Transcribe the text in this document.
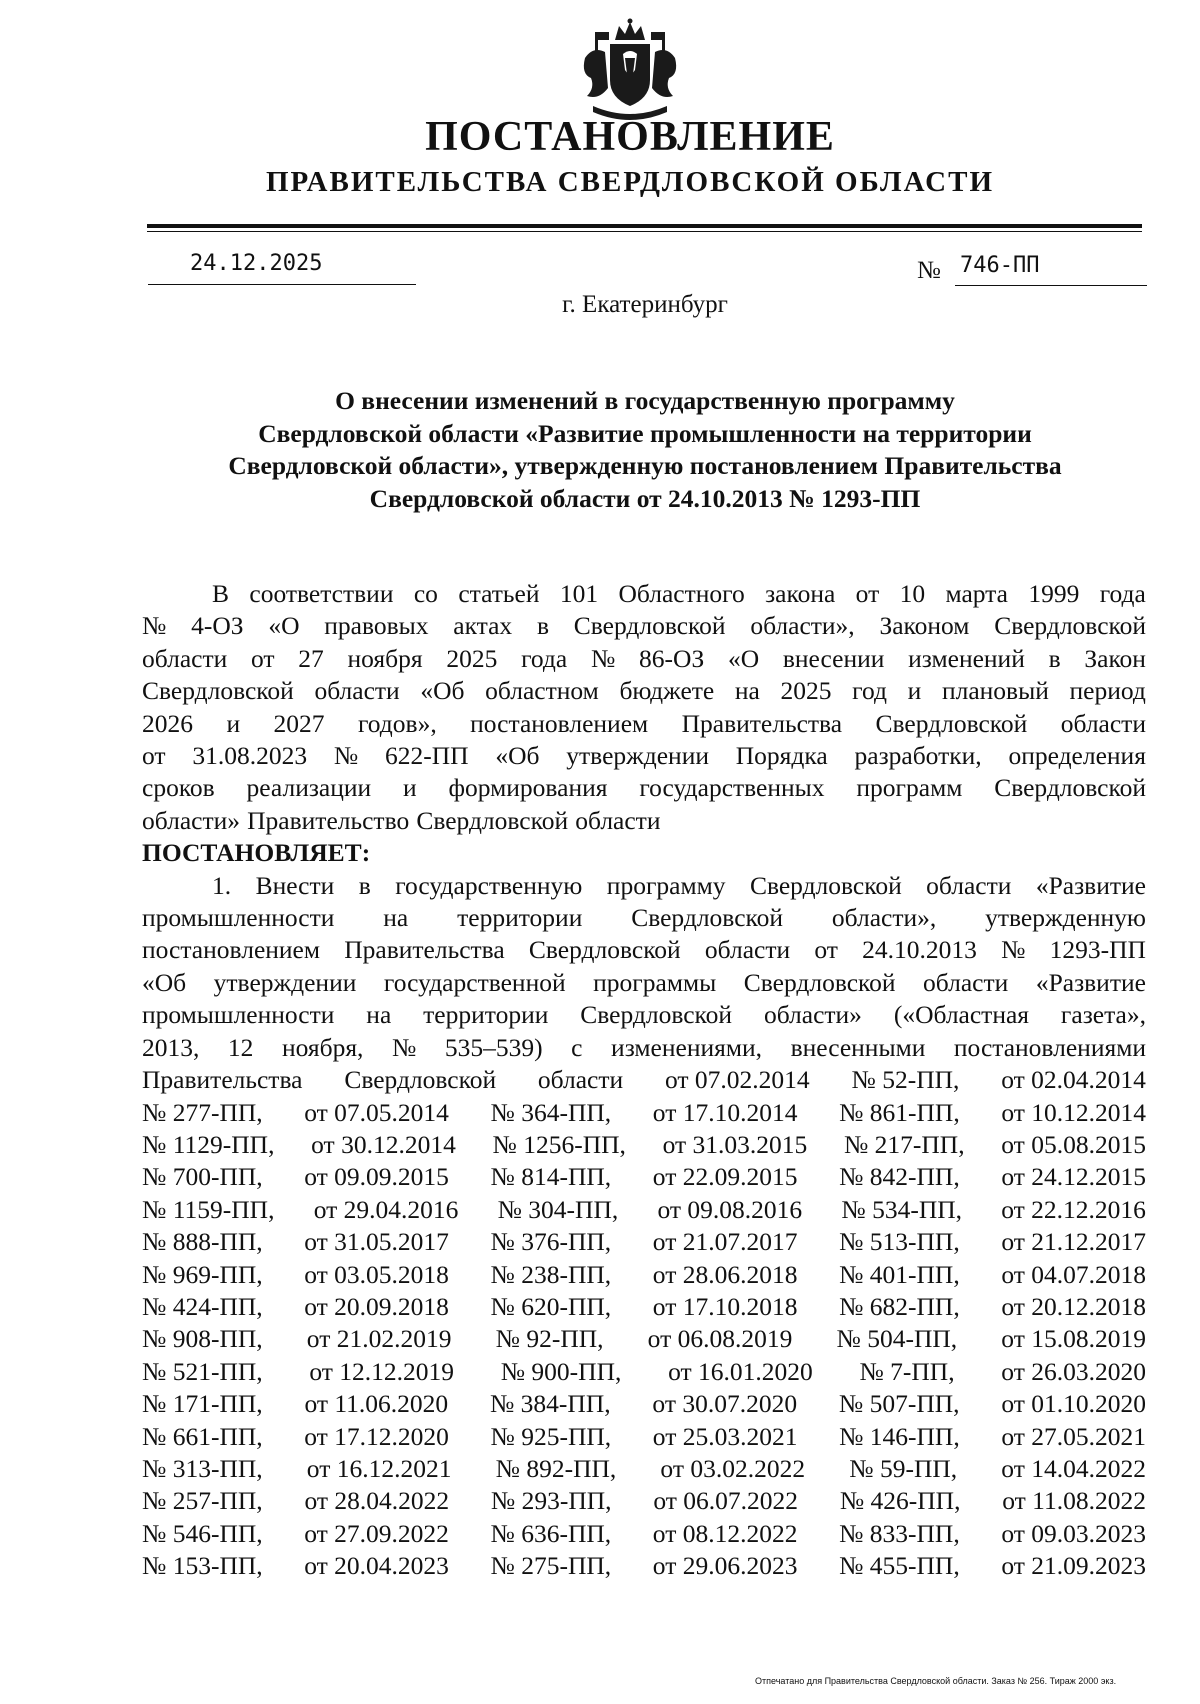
ПОСТАНОВЛЕНИЕ
ПРАВИТЕЛЬСТВА СВЕРДЛОВСКОЙ ОБЛАСТИ
24.12.2025	№ 746-ПП
г. Екатеринбург
О внесении изменений в государственную программу
Свердловской области «Развитие промышленности на территории
Свердловской области», утвержденную постановлением Правительства
Свердловской области от 24.10.2013 № 1293-ПП
В соответствии со статьей 101 Областного закона от 10 марта 1999 года
№ 4-ОЗ «О правовых актах в Свердловской области», Законом Свердловской
области от 27 ноября 2025 года № 86-ОЗ «О внесении изменений в Закон
Свердловской области «Об областном бюджете на 2025 год и плановый период
2026 и 2027 годов», постановлением Правительства Свердловской области
от 31.08.2023 № 622-ПП «Об утверждении Порядка разработки, определения
сроков реализации и формирования государственных программ Свердловской
области» Правительство Свердловской области
ПОСТАНОВЛЯЕТ:
1. Внести в государственную программу Свердловской области «Развитие
промышленности на территории Свердловской области», утвержденную
постановлением Правительства Свердловской области от 24.10.2013 № 1293-ПП
«Об утверждении государственной программы Свердловской области «Развитие
промышленности на территории Свердловской области» («Областная газета»,
2013, 12 ноября, № 535–539) с изменениями, внесенными постановлениями
Правительства Свердловской области от 07.02.2014 № 52-ПП, от 02.04.2014
№ 277-ПП, от 07.05.2014 № 364-ПП, от 17.10.2014 № 861-ПП, от 10.12.2014
№ 1129-ПП, от 30.12.2014 № 1256-ПП, от 31.03.2015 № 217-ПП, от 05.08.2015
№ 700-ПП, от 09.09.2015 № 814-ПП, от 22.09.2015 № 842-ПП, от 24.12.2015
№ 1159-ПП, от 29.04.2016 № 304-ПП, от 09.08.2016 № 534-ПП, от 22.12.2016
№ 888-ПП, от 31.05.2017 № 376-ПП, от 21.07.2017 № 513-ПП, от 21.12.2017
№ 969-ПП, от 03.05.2018 № 238-ПП, от 28.06.2018 № 401-ПП, от 04.07.2018
№ 424-ПП, от 20.09.2018 № 620-ПП, от 17.10.2018 № 682-ПП, от 20.12.2018
№ 908-ПП, от 21.02.2019 № 92-ПП, от 06.08.2019 № 504-ПП, от 15.08.2019
№ 521-ПП, от 12.12.2019 № 900-ПП, от 16.01.2020 № 7-ПП, от 26.03.2020
№ 171-ПП, от 11.06.2020 № 384-ПП, от 30.07.2020 № 507-ПП, от 01.10.2020
№ 661-ПП, от 17.12.2020 № 925-ПП, от 25.03.2021 № 146-ПП, от 27.05.2021
№ 313-ПП, от 16.12.2021 № 892-ПП, от 03.02.2022 № 59-ПП, от 14.04.2022
№ 257-ПП, от 28.04.2022 № 293-ПП, от 06.07.2022 № 426-ПП, от 11.08.2022
№ 546-ПП, от 27.09.2022 № 636-ПП, от 08.12.2022 № 833-ПП, от 09.03.2023
№ 153-ПП, от 20.04.2023 № 275-ПП, от 29.06.2023 № 455-ПП, от 21.09.2023
Отпечатано для Правительства Свердловской области. Заказ № 256. Тираж 2000 экз.
